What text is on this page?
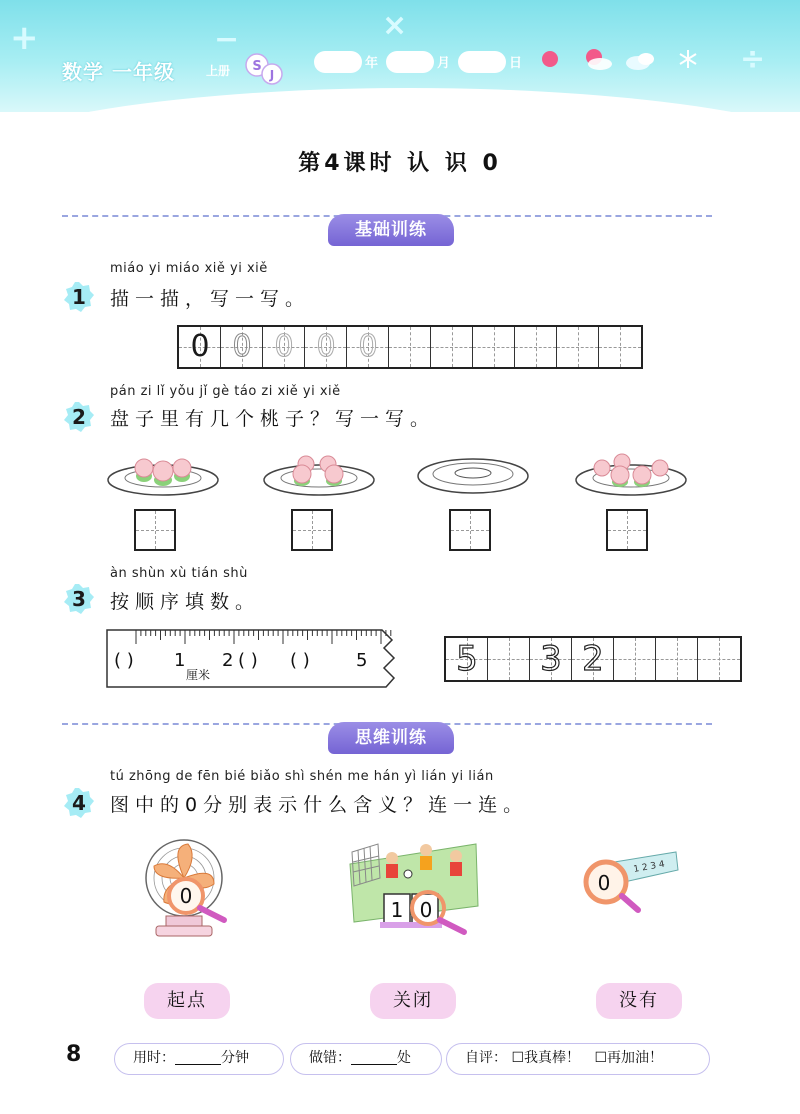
+	−	×
÷
数学 一年级	上册 S
J
年	月	日
第4课时 认 识 0
基础训练
miáo yi miáo xiě yi xiě
1	描一描，写一写。
0 0 0 0 0
pán zi lǐ yǒu jǐ gè táo zi xiě yi xiě
2	盘子里有几个桃子？写一写。
àn shùn xù tián shù
3	按顺序填数。
( ) 1
厘米
2 ( ) ( )	5	5 3 2
思维训练
tú zhōng de fēn bié biǎo shì shén me hán yì lián yi lián
4	图中的0分别表示什么含义？连一连。
0
1 0
1 2 3 4
0
起点	关闭	没有
8	用时：	分钟	做错：	处	自评： ☐我真棒！ ☐再加油！
